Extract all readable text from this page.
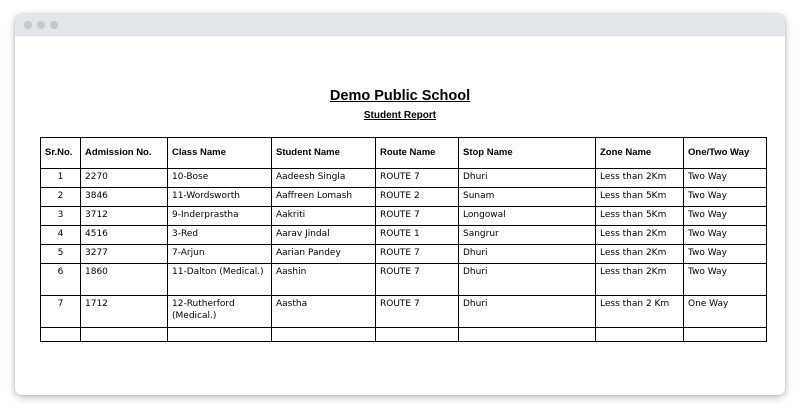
Demo Public School
Student Report
Sr.No.	Admission No.	Class Name	Student Name	Route Name	Stop Name	Zone Name	One/Two Way
1	2270	10-Bose	Aadeesh Singla	ROUTE 7	Dhuri	Less than 2Km	Two Way
2	3846	11-Wordsworth	Aaffreen Lomash	ROUTE 2	Sunam	Less than 5Km	Two Way
3	3712	9-Inderprastha	Aakriti	ROUTE 7	Longowal	Less than 5Km	Two Way
4	4516	3-Red	Aarav Jindal	ROUTE 1	Sangrur	Less than 2Km	Two Way
5	3277	7-Arjun	Aarian Pandey	ROUTE 7	Dhuri	Less than 2Km	Two Way
6	1860	11-Dalton (Medical.)	Aashin	ROUTE 7	Dhuri	Less than 2Km	Two Way
7	1712	12-Rutherford (Medical.)	Aastha	ROUTE 7	Dhuri	Less than 2 Km	One Way
